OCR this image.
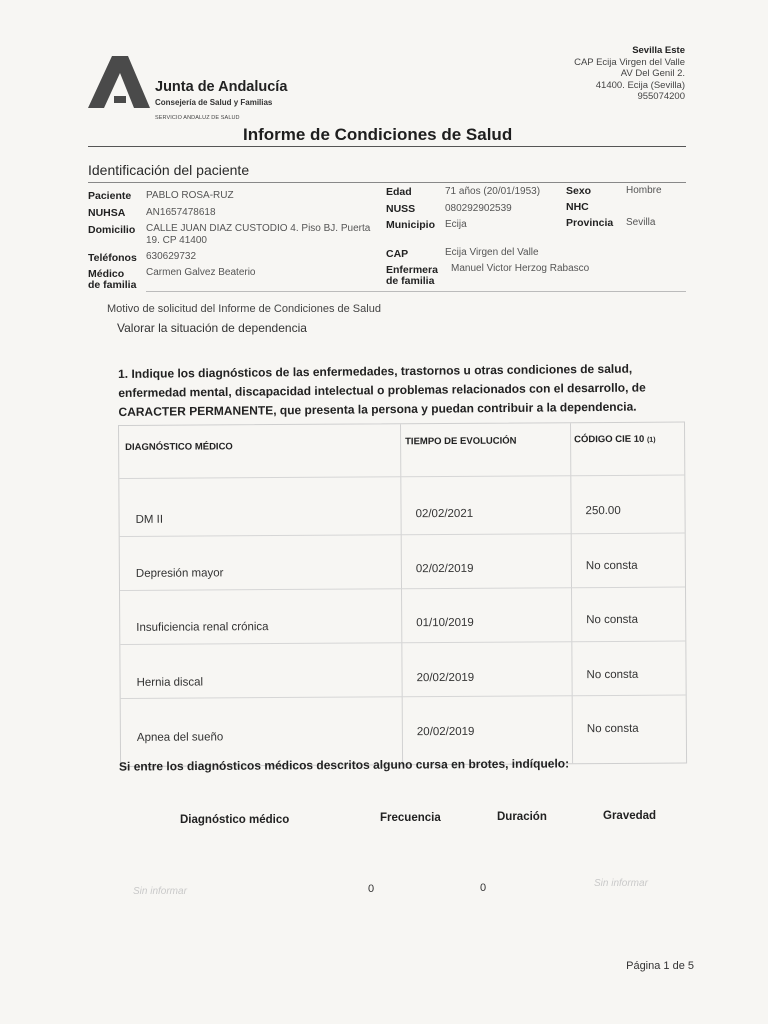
Junta de Andalucía
Consejería de Salud y Familias
SERVICIO ANDALUZ DE SALUD
Sevilla Este
CAP Ecija Virgen del Valle
AV Del Genil 2.
41400. Ecija (Sevilla)
955074200
Informe de Condiciones de Salud
Identificación del paciente
Paciente PABLO ROSA-RUZ
NUHSA AN1657478618
Domicilio CALLE JUAN DIAZ CUSTODIO 4. Piso BJ. Puerta
19. CP 41400
Teléfonos 630629732
Médico
de familia
Carmen Galvez Beaterio
Edad	71 años (20/01/1953)
NUSS	080292902539
Municipio Ecija
CAP	Ecija Virgen del Valle
Enfermera
de familia
Manuel Victor Herzog Rabasco
Sexo	Hombre
NHC
Provincia Sevilla
Motivo de solicitud del Informe de Condiciones de Salud
Valorar la situación de dependencia
1. Indique los diagnósticos de las enfermedades, trastornos u otras condiciones de salud, enfermedad mental, discapacidad intelectual o problemas relacionados con el desarrollo, de CARACTER PERMANENTE, que presenta la persona y puedan contribuir a la dependencia.
DIAGNÓSTICO MÉDICO	TIEMPO DE EVOLUCIÓN	CÓDIGO CIE 10 (1)
DM II	02/02/2021	250.00
Depresión mayor	02/02/2019	No consta
Insuficiencia renal crónica	01/10/2019	No consta
Hernia discal	20/02/2019	No consta
Apnea del sueño	20/02/2019	No consta
Si entre los diagnósticos médicos descritos alguno cursa en brotes, indíquelo:
Diagnóstico médico	Frecuencia	Duración	Gravedad
Sin informar	0	0	Sin informar
Página 1 de 5
